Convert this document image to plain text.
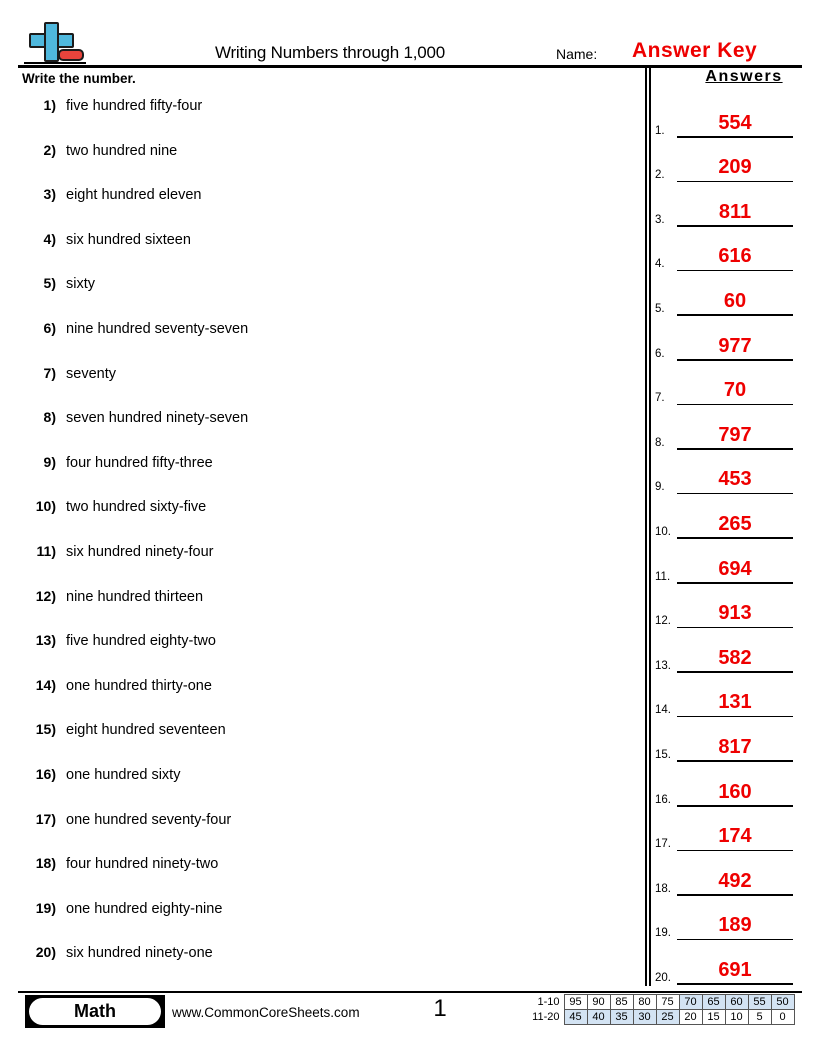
Writing Numbers through 1,000	Name: Answer Key
Write the number.
1) five hundred fifty-four
2) two hundred nine
3) eight hundred eleven
4) six hundred sixteen
5) sixty
6) nine hundred seventy-seven
7) seventy
8) seven hundred ninety-seven
9) four hundred fifty-three
10) two hundred sixty-five
11) six hundred ninety-four
12) nine hundred thirteen
13) five hundred eighty-two
14) one hundred thirty-one
15) eight hundred seventeen
16) one hundred sixty
17) one hundred seventy-four
18) four hundred ninety-two
19) one hundred eighty-nine
20) six hundred ninety-one
Answers
1.	554
2.	209
3.	811
4.	616
5.	60
6.	977
7.	70
8.	797
9.	453
10.	265
11.	694
12.	913
13.	582
14.	131
15.	817
16.	160
17.	174
18.	492
19.	189
20.	691
Math	www.CommonCoreSheets.com	1	1-10	95	90	85	80	75	70	65	60	55	50
11-20	45	40	35	30	25	20	15	10	5	0
